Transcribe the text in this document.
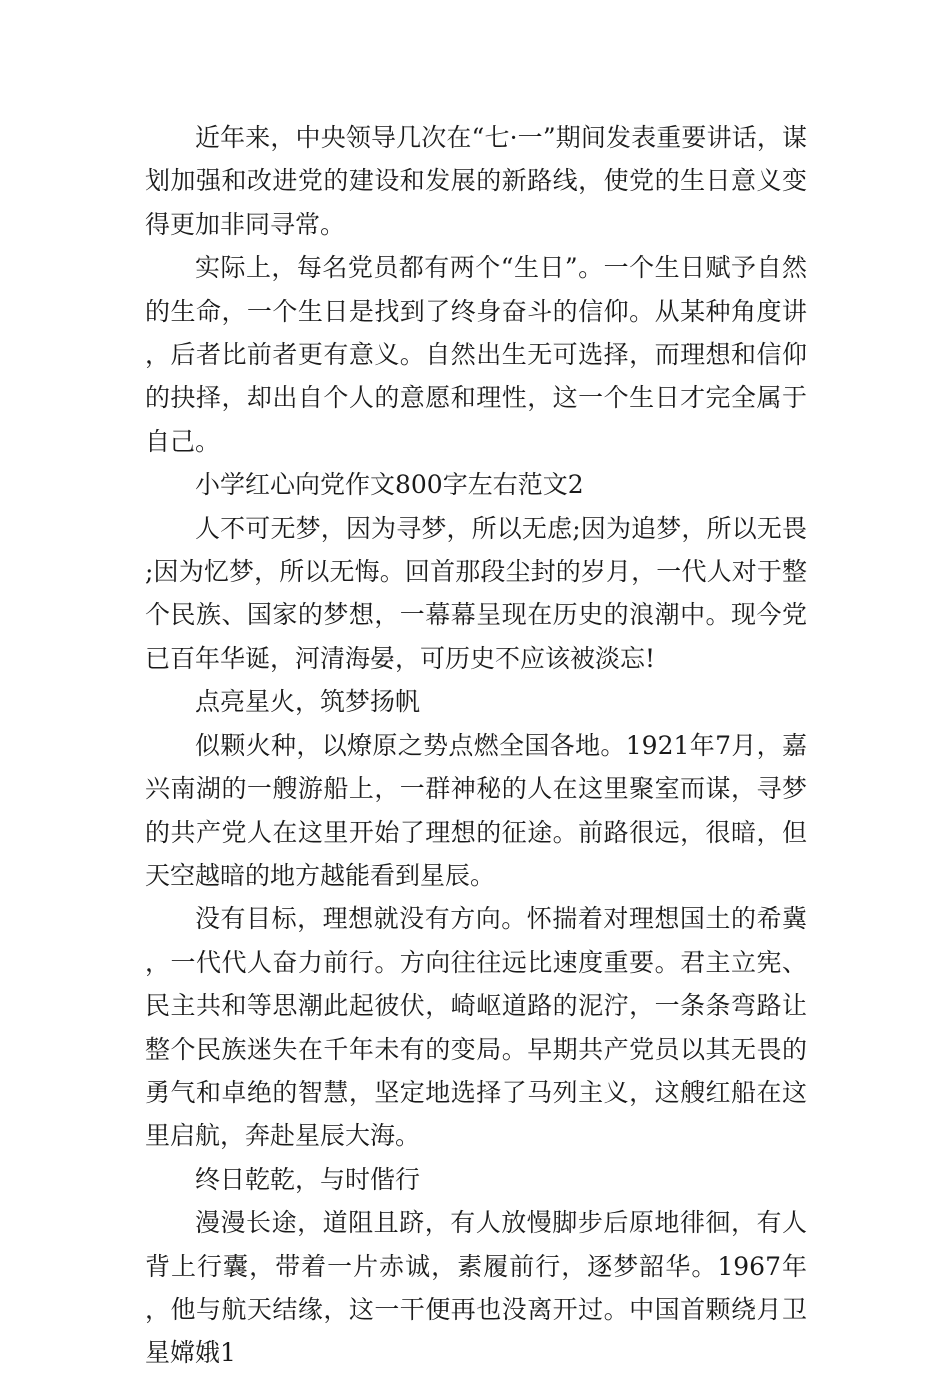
近年来，中央领导几次在“七·一”期间发表重要讲话，谋划加强和改进党的建设和发展的新路线，使党的生日意义变得更加非同寻常。

实际上，每名党员都有两个“生日”。一个生日赋予自然的生命，一个生日是找到了终身奋斗的信仰。从某种角度讲，后者比前者更有意义。自然出生无可选择，而理想和信仰的抉择，却出自个人的意愿和理性，这一个生日才完全属于自己。

小学红心向党作文800字左右范文2

人不可无梦，因为寻梦，所以无虑;因为追梦，所以无畏;因为忆梦，所以无悔。回首那段尘封的岁月，一代人对于整个民族、国家的梦想，一幕幕呈现在历史的浪潮中。现今党已百年华诞，河清海晏，可历史不应该被淡忘!

点亮星火，筑梦扬帆

似颗火种，以燎原之势点燃全国各地。1921年7月，嘉兴南湖的一艘游船上，一群神秘的人在这里聚室而谋，寻梦的共产党人在这里开始了理想的征途。前路很远，很暗，但天空越暗的地方越能看到星辰。

没有目标，理想就没有方向。怀揣着对理想国土的希冀，一代代人奋力前行。方向往往远比速度重要。君主立宪、民主共和等思潮此起彼伏，崎岖道路的泥泞，一条条弯路让整个民族迷失在千年未有的变局。早期共产党员以其无畏的勇气和卓绝的智慧，坚定地选择了马列主义，这艘红船在这里启航，奔赴星辰大海。

终日乾乾，与时偕行

漫漫长途，道阻且跻，有人放慢脚步后原地徘徊，有人背上行囊，带着一片赤诚，素履前行，逐梦韶华。1967年，他与航天结缘，这一干便再也没离开过。中国首颗绕月卫星嫦娥1
